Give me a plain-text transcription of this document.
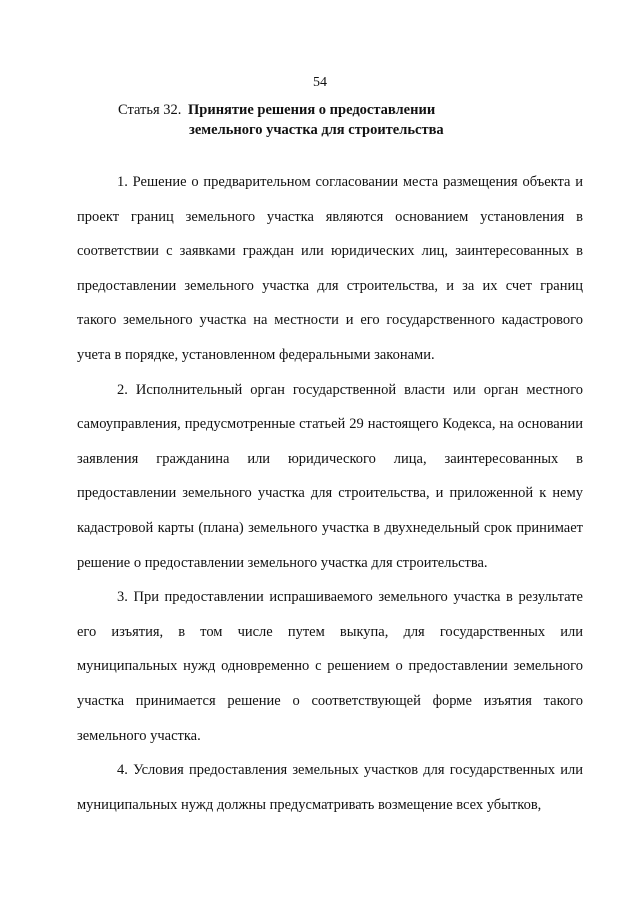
54
Статья 32. Принятие решения о предоставлении
земельного участка для строительства

1. Решение о предварительном согласовании места размещения объекта и проект границ земельного участка являются основанием установления в соответствии с заявками граждан или юридических лиц, заинтересованных в предоставлении земельного участка для строительства, и за их счет границ такого земельного участка на местности и его государственного кадастрового учета в порядке, установленном федеральными законами.

2. Исполнительный орган государственной власти или орган местного самоуправления, предусмотренные статьей 29 настоящего Кодекса, на основании заявления гражданина или юридического лица, заинтересованных в предоставлении земельного участка для строительства, и приложенной к нему кадастровой карты (плана) земельного участка в двухнедельный срок принимает решение о предоставлении земельного участка для строительства.

3. При предоставлении испрашиваемого земельного участка в результате его изъятия, в том числе путем выкупа, для государственных или муниципальных нужд одновременно с решением о предоставлении земельного участка принимается решение о соответствующей форме изъятия такого земельного участка.

4. Условия предоставления земельных участков для государственных или муниципальных нужд должны предусматривать возмещение всех убытков,
